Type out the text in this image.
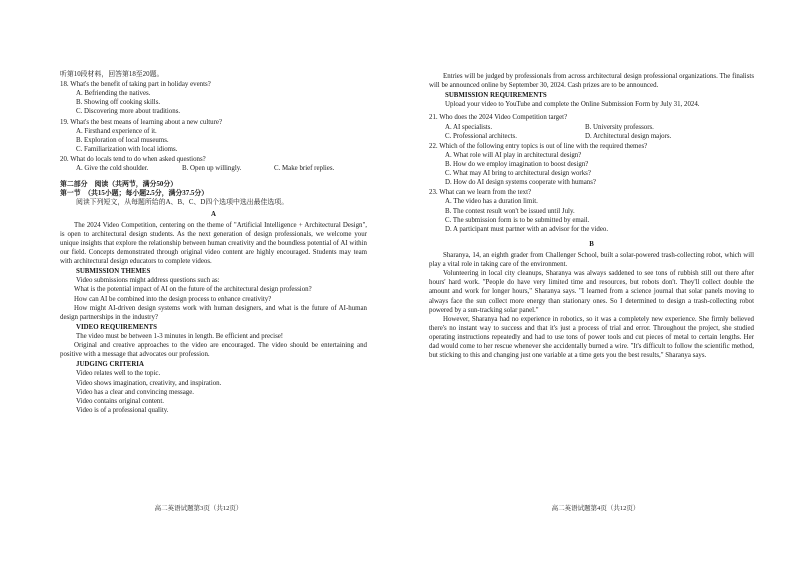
听第10段材料，回答第18至20题。

18. What's the benefit of taking part in holiday events?

A. Befriending the natives.

B. Showing off cooking skills.

C. Discovering more about traditions.

19. What's the best means of learning about a new culture?

A. Firsthand experience of it.

B. Exploration of local museums.

C. Familiarization with local idioms.

20. What do locals tend to do when asked questions?

A. Give the cold shoulder.	B. Open up willingly.	C. Make brief replies.

第二部分　阅读（共两节，满分50分）

第一节　（共15小题；每小题2.5分，满分37.5分）

阅读下列短文，从每题所给的A、B、C、D四个选项中选出最佳选项。

A

The 2024 Video Competition, centering on the theme of "Artificial Intelligence + Architectural Design", is open to architectural design students. As the next generation of design professionals, we welcome your unique insights that explore the relationship between human creativity and the boundless potential of AI within our field. Concepts demonstrated through original video content are highly encouraged. Students may team with architectural design educators to complete videos.

SUBMISSION THEMES

Video submissions might address questions such as:

What is the potential impact of AI on the future of the architectural design profession?

How can AI be combined into the design process to enhance creativity?

How might AI-driven design systems work with human designers, and what is the future of AI-human design partnerships in the industry?

VIDEO REQUIREMENTS

The video must be between 1-3 minutes in length. Be efficient and precise!

Original and creative approaches to the video are encouraged. The video should be entertaining and positive with a message that advocates our profession.

JUDGING CRITERIA

Video relates well to the topic.

Video shows imagination, creativity, and inspiration.

Video has a clear and convincing message.

Video contains original content.

Video is of a professional quality.

高二英语试题第3页（共12页）

Entries will be judged by professionals from across architectural design professional organizations. The finalists will be announced online by September 30, 2024. Cash prizes are to be announced.

SUBMISSION REQUIREMENTS

Upload your video to YouTube and complete the Online Submission Form by July 31, 2024.

21. Who does the 2024 Video Competition target?

A. AI specialists.	B. University professors.
C. Professional architects.	D. Architectural design majors.

22. Which of the following entry topics is out of line with the required themes?

A. What role will AI play in architectural design?

B. How do we employ imagination to boost design?

C. What may AI bring to architectural design works?

D. How do AI design systems cooperate with humans?

23. What can we learn from the text?

A. The video has a duration limit.

B. The contest result won't be issued until July.

C. The submission form is to be submitted by email.

D. A participant must partner with an advisor for the video.

B

Sharanya, 14, an eighth grader from Challenger School, built a solar-powered trash-collecting robot, which will play a vital role in taking care of the environment.

Volunteering in local city cleanups, Sharanya was always saddened to see tons of rubbish still out there after hours' hard work. "People do have very limited time and resources, but robots don't. They'll collect double the amount and work for longer hours," Sharanya says. "I learned from a science journal that solar panels moving to always face the sun collect more energy than stationary ones. So I determined to design a trash-collecting robot powered by a sun-tracking solar panel."

However, Sharanya had no experience in robotics, so it was a completely new experience. She firmly believed there's no instant way to success and that it's just a process of trial and error. Throughout the project, she studied operating instructions repeatedly and had to use tons of power tools and cut pieces of metal to certain lengths. Her dad would come to her rescue whenever she accidentally burned a wire. "It's difficult to follow the scientific method, but sticking to this and changing just one variable at a time gets you the best results," Sharanya says.

高二英语试题第4页（共12页）
